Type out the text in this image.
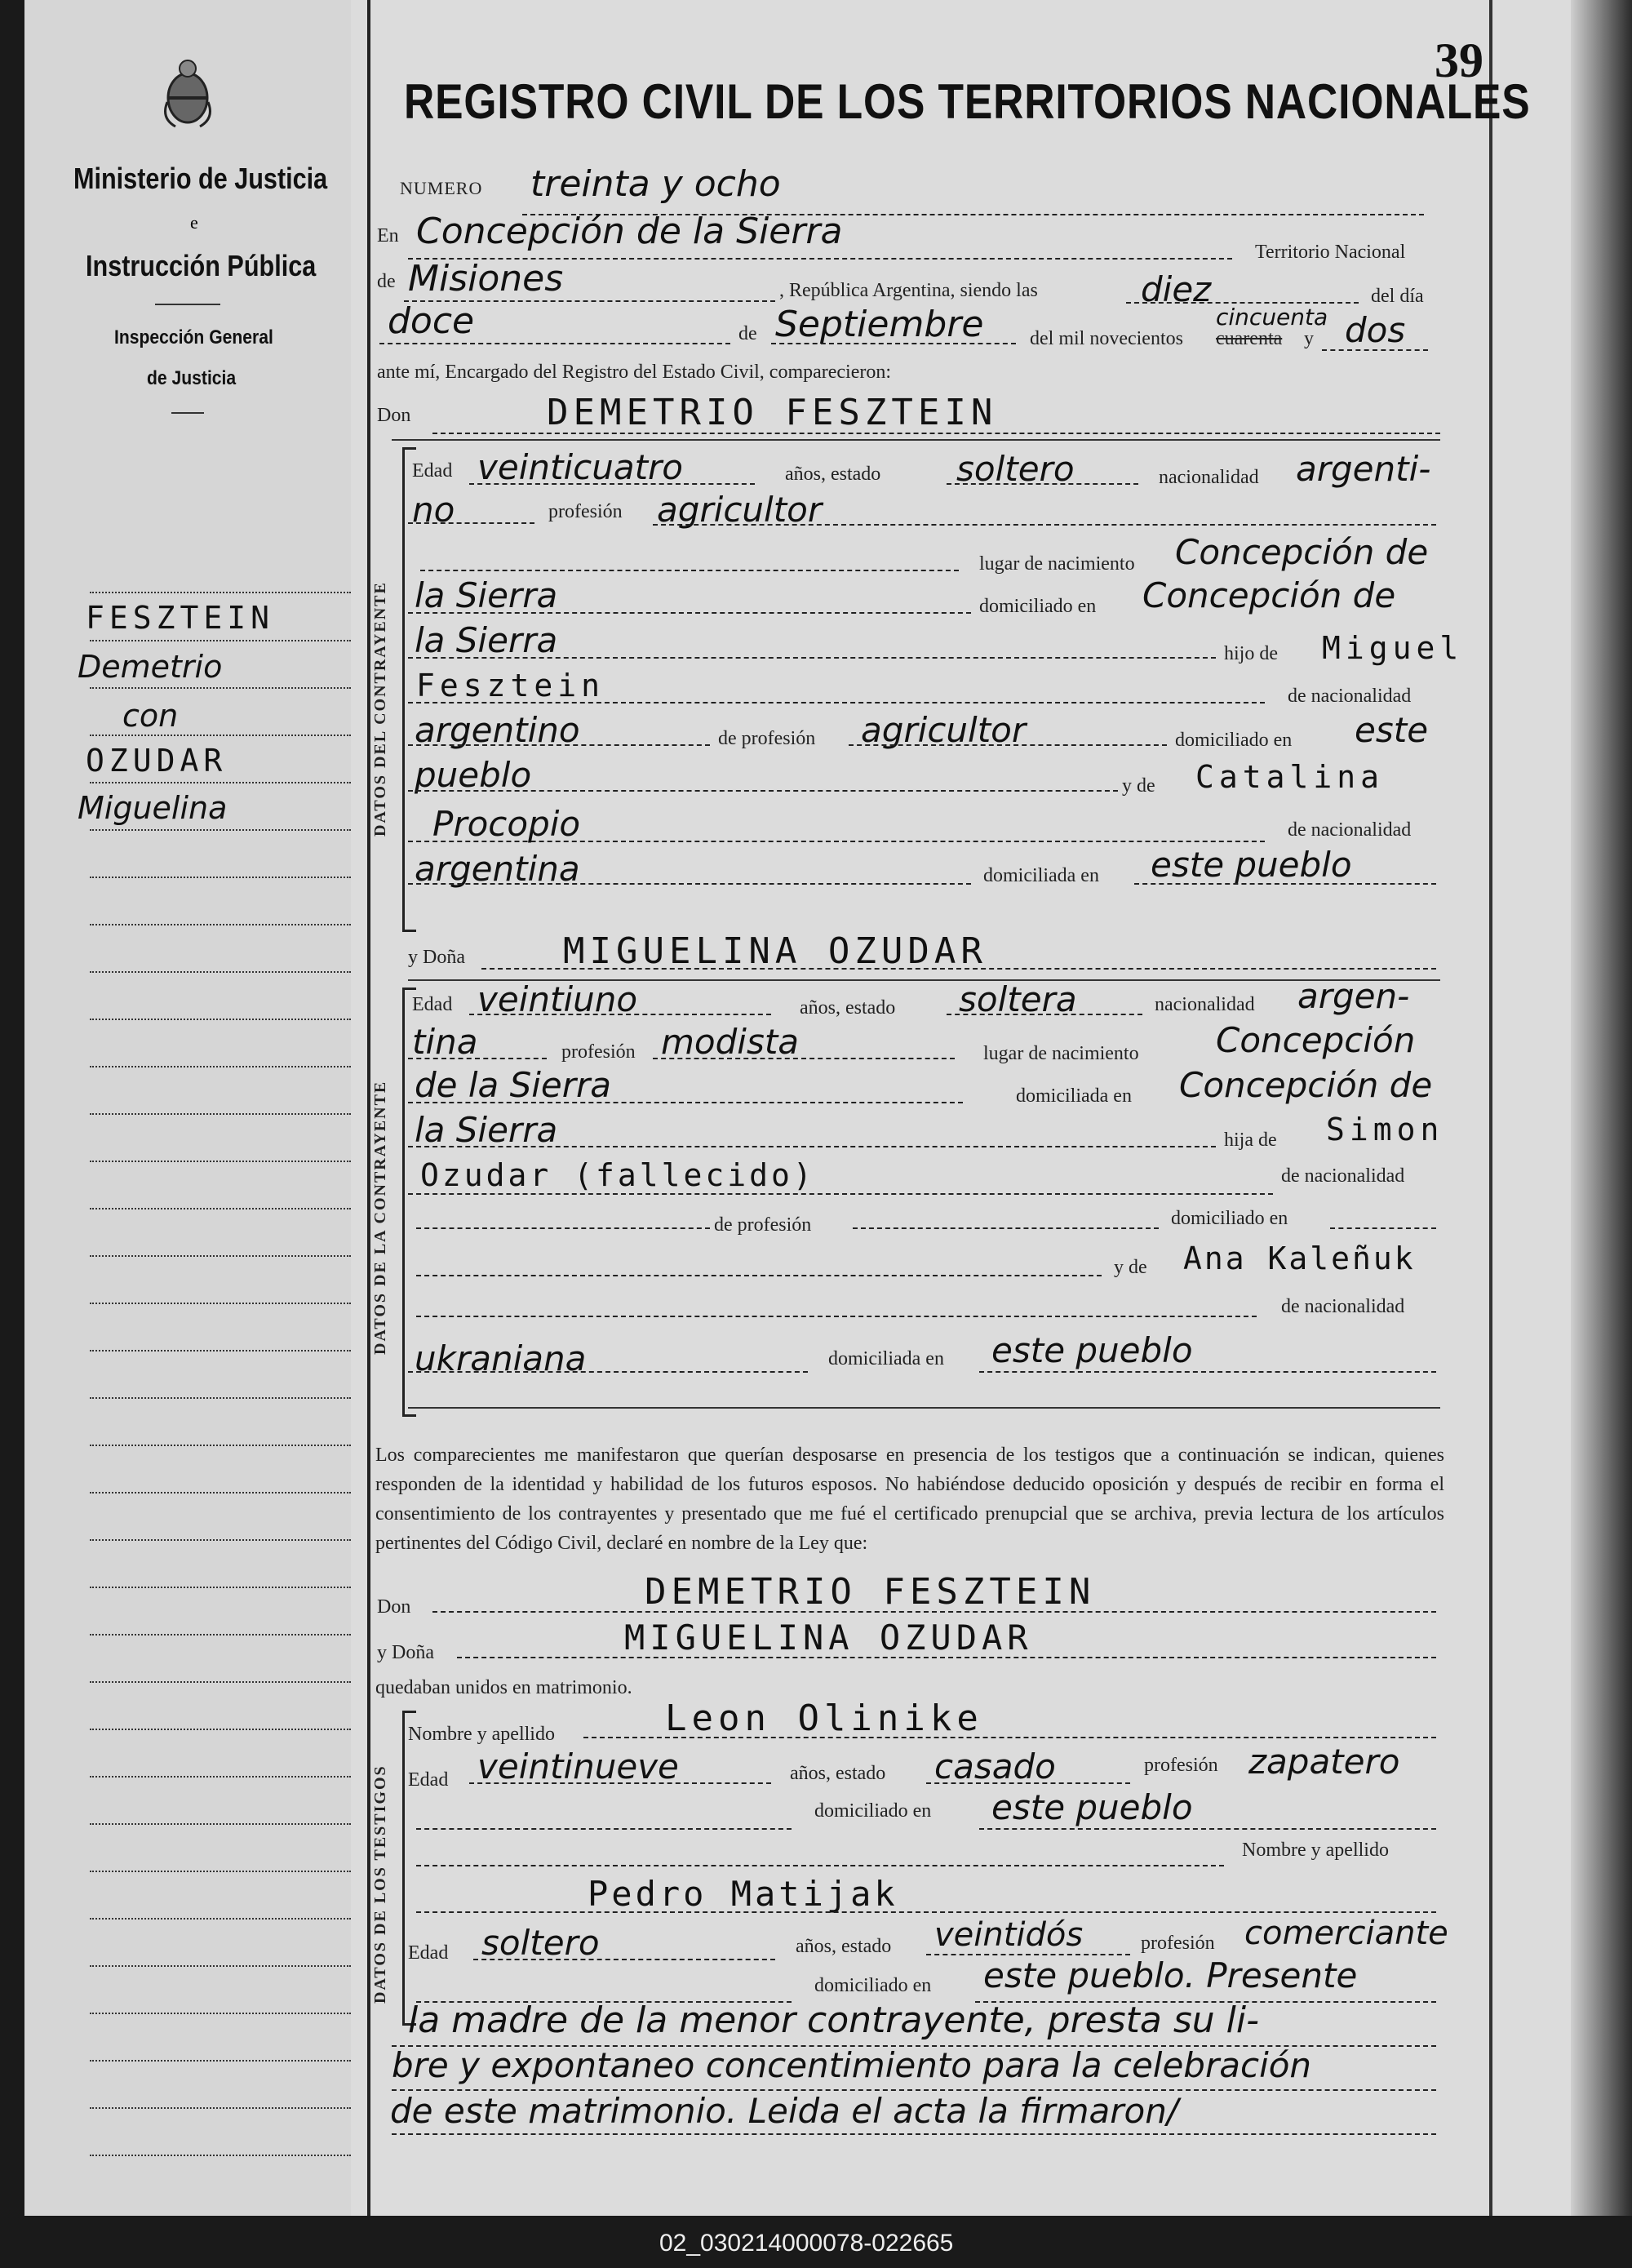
Ministerio de Justicia
e
Instrucción Pública
Inspección General
de Justicia
FESZTEIN
Demetrio
con
OZUDAR
Miguelina
39
REGISTRO CIVIL DE LOS TERRITORIOS NACIONALES
NUMERO treinta y ocho
En Concepción de la Sierra	Territorio Nacional
de Misiones	, República Argentina, siendo las	diez	del día
doce	de Septiembre del mil novecientos cuarenta
cincuenta
y dos
ante mí, Encargado del Registro del Estado Civil, comparecieron:
Don	DEMETRIO FESZTEIN
DATOS DEL CONTRAYENTE
Edad veinticuatro	años, estado soltero	nacionalidad argenti-
no	profesión agricultor
lugar de nacimiento Concepción de
la Sierra	domiciliado en Concepción de
la Sierra	hijo de Miguel
Fesztein	de nacionalidad
argentino	de profesión agricultor	domiciliado en este
pueblo	y de Catalina
Procopio	de nacionalidad
argentina	domiciliada en este pueblo
y Doña	MIGUELINA OZUDAR
DATOS DE LA CONTRAYENTE
Edad veintiuno	años, estado soltera	nacionalidad argen-
tina	profesión modista	lugar de nacimiento Concepción
de la Sierra	domiciliada en Concepción de
la Sierra	hija de Simon
Ozudar (fallecido)	de nacionalidad
de profesión	domiciliado en
y de Ana Kaleñuk
de nacionalidad
ukraniana	domiciliada en este pueblo
Los comparecientes me manifestaron que querían desposarse en presencia de los testigos que a continuación se indican, quienes responden de la identidad y habilidad de los futuros esposos. No habiéndose deducido oposición y después de recibir en forma el consentimiento de los contrayentes y presentado que me fué el certificado prenupcial que se archiva, previa lectura de los artículos pertinentes del Código Civil, declaré en nombre de la Ley que:
Don	DEMETRIO FESZTEIN
y Doña	MIGUELINA OZUDAR
quedaban unidos en matrimonio.
DATOS DE LOS TESTIGOS
Nombre y apellido	Leon Olinike
Edad veintinueve	años, estado casado	profesión zapatero
domiciliado en este pueblo
Nombre y apellido
Pedro Matijak
Edad soltero	años, estado veintidós	profesión comerciante
domiciliado en este pueblo. Presente
la madre de la menor contrayente, presta su li-
bre y expontaneo concentimiento para la celebración
de este matrimonio. Leida el acta la firmaron/
02_030214000078-022665
